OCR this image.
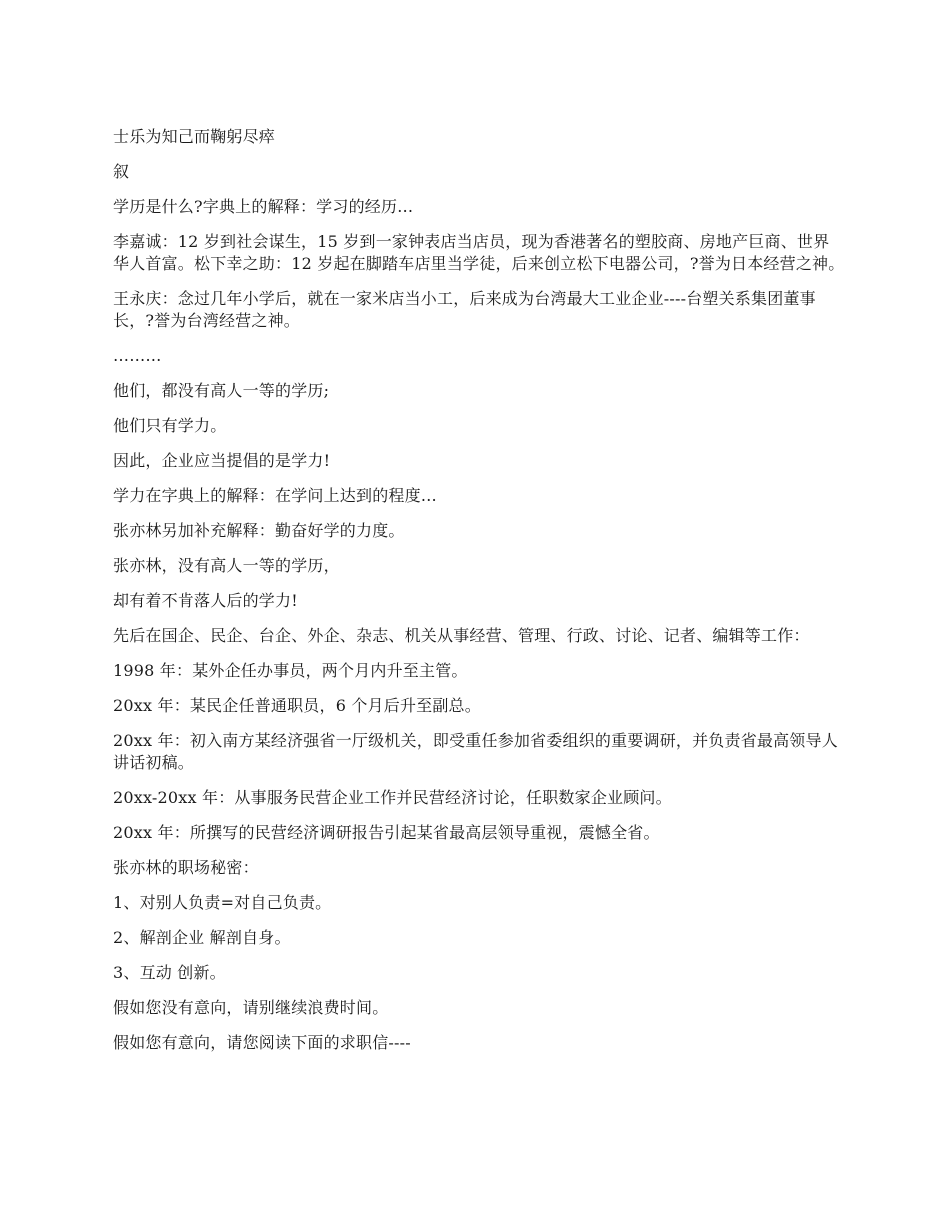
士乐为知己而鞠躬尽瘁

叙

学历是什么?字典上的解释：学习的经历…

李嘉诚：12 岁到社会谋生，15 岁到一家钟表店当店员，现为香港著名的塑胶商、房地产巨商、世界华人首富。松下幸之助：12 岁起在脚踏车店里当学徒，后来创立松下电器公司，?誉为日本经营之神。

王永庆：念过几年小学后，就在一家米店当小工，后来成为台湾最大工业企业----台塑关系集团董事长，?誉为台湾经营之神。

………

他们，都没有高人一等的学历;

他们只有学力。

因此，企业应当提倡的是学力!

学力在字典上的解释：在学问上达到的程度…

张亦林另加补充解释：勤奋好学的力度。

张亦林，没有高人一等的学历，

却有着不肯落人后的学力!

先后在国企、民企、台企、外企、杂志、机关从事经营、管理、行政、讨论、记者、编辑等工作：

1998 年：某外企任办事员，两个月内升至主管。

20xx 年：某民企任普通职员，6 个月后升至副总。

20xx 年：初入南方某经济强省一厅级机关，即受重任参加省委组织的重要调研，并负责省最高领导人讲话初稿。

20xx-20xx 年：从事服务民营企业工作并民营经济讨论，任职数家企业顾问。

20xx 年：所撰写的民营经济调研报告引起某省最高层领导重视，震憾全省。

张亦林的职场秘密：

1、对别人负责=对自己负责。

2、解剖企业 解剖自身。

3、互动 创新。

假如您没有意向，请别继续浪费时间。

假如您有意向，请您阅读下面的求职信----
